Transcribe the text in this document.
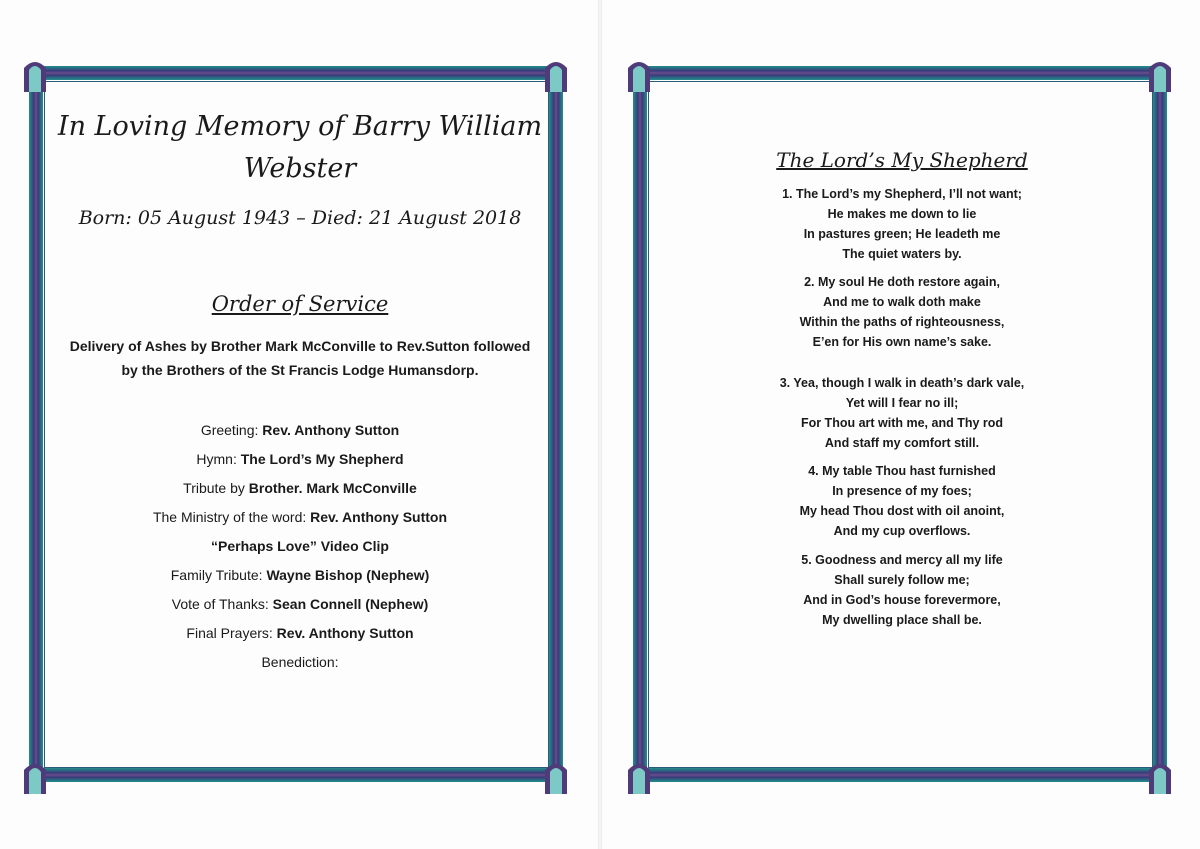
In Loving Memory of Barry William

Webster

Born: 05 August 1943 – Died: 21 August 2018

Order of Service

Delivery of Ashes by Brother Mark McConville to Rev.Sutton followed

by the Brothers of the St Francis Lodge Humansdorp.

Greeting: Rev. Anthony Sutton

Hymn: The Lord’s My Shepherd

Tribute by Brother. Mark McConville

The Ministry of the word: Rev. Anthony Sutton

“Perhaps Love” Video Clip

Family Tribute: Wayne Bishop (Nephew)

Vote of Thanks: Sean Connell (Nephew)

Final Prayers: Rev. Anthony Sutton

Benediction:

The Lord’s My Shepherd

1. The Lord’s my Shepherd, I’ll not want;
He makes me down to lie
In pastures green; He leadeth me
The quiet waters by.

2. My soul He doth restore again,
And me to walk doth make
Within the paths of righteousness,
E’en for His own name’s sake.

3. Yea, though I walk in death’s dark vale,
Yet will I fear no ill;
For Thou art with me, and Thy rod
And staff my comfort still.

4. My table Thou hast furnished
In presence of my foes;
My head Thou dost with oil anoint,
And my cup overflows.

5. Goodness and mercy all my life
Shall surely follow me;
And in God’s house forevermore,
My dwelling place shall be.
